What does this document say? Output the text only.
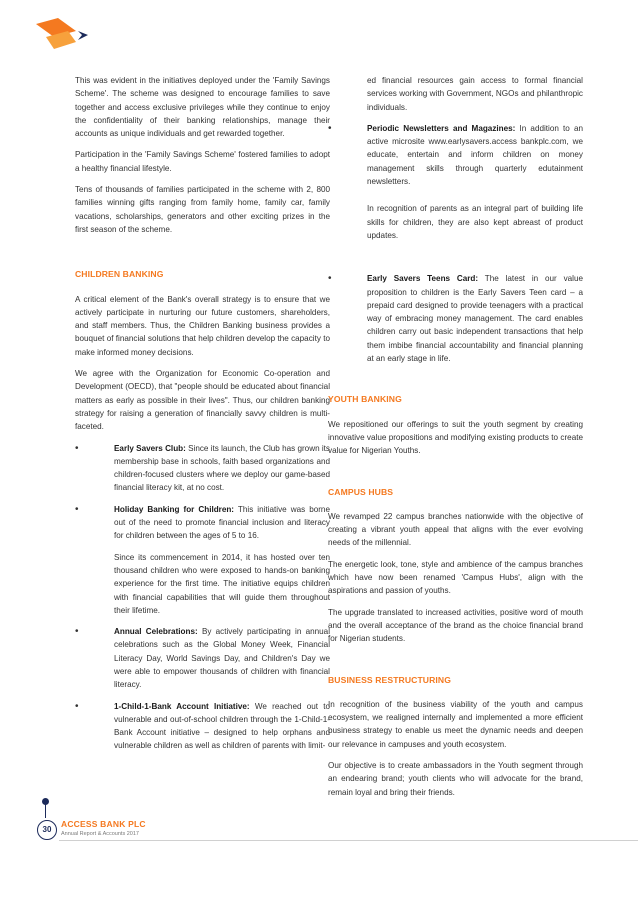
This was evident in the initiatives deployed under the 'Family Savings Scheme'. The scheme was designed to encourage families to save together and access exclusive privileges while they continue to enjoy the confidentiality of their banking relationships, manage their accounts as unique individuals and get rewarded together.

Participation in the 'Family Savings Scheme' fostered families to adopt a healthy financial lifestyle.

Tens of thousands of families participated in the scheme with 2, 800 families winning gifts ranging from family home, family car, family vacations, scholarships, generators and other exciting prizes in the first season of the scheme.

CHILDREN BANKING

A critical element of the Bank's overall strategy is to ensure that we actively participate in nurturing our future customers, shareholders, and staff members. Thus, the Children Banking business provides a bouquet of financial solutions that help children develop the capacity to make informed money decisions.

We agree with the Organization for Economic Co-operation and Development (OECD), that "people should be educated about financial matters as early as possible in their lives". Thus, our children banking strategy for raising a generation of financially savvy children is multi-faceted.

•	Early Savers Club: Since its launch, the Club has grown its membership base in schools, faith based organizations and children-focused clusters where we deploy our game-based financial literacy kit, at no cost.
•	Holiday Banking for Children: This initiative was borne out of the need to promote financial inclusion and literacy for children between the ages of 5 to 16.

Since its commencement in 2014, it has hosted over ten thousand children who were exposed to hands-on banking experience for the first time. The initiative equips children with financial capabilities that will guide them throughout their lifetime.

•	Annual Celebrations: By actively participating in annual celebrations such as the Global Money Week, Financial Literacy Day, World Savings Day, and Children's Day we were able to empower thousands of children with financial literacy.
•	1-Child-1-Bank Account Initiative: We reached out to vulnerable and out-of-school children through the 1-Child-1-Bank Account initiative – designed to help orphans and vulnerable children as well as children of parents with limit-

ed financial resources gain access to formal financial services working with Government, NGOs and philanthropic individuals.

•	Periodic Newsletters and Magazines: In addition to an active microsite www.earlysavers.access bankplc.com, we educate, entertain and inform children on money management skills through quarterly edutainment newsletters.

In recognition of parents as an integral part of building life skills for children, they are also kept abreast of product updates.

•	Early Savers Teens Card: The latest in our value proposition to children is the Early Savers Teen card – a prepaid card designed to provide teenagers with a practical way of embracing money management. The card enables children carry out basic independent transactions that help them imbibe financial accountability and financial planning at an early stage in life.
YOUTH BANKING

We repositioned our offerings to suit the youth segment by creating innovative value propositions and modifying existing products to create value for Nigerian Youths.

CAMPUS HUBS

We revamped 22 campus branches nationwide with the objective of creating a vibrant youth appeal that aligns with the ever evolving needs of the millennial.

The energetic look, tone, style and ambience of the campus branches which have now been renamed 'Campus Hubs', align with the aspirations and passion of youths.

The upgrade translated to increased activities, positive word of mouth and the overall acceptance of the brand as the choice financial brand for Nigerian students.

BUSINESS RESTRUCTURING

In recognition of the business viability of the youth and campus ecosystem, we realigned internally and implemented a more efficient business strategy to enable us meet the dynamic needs and deepen our relevance in campuses and youth ecosystem.

Our objective is to create ambassadors in the Youth segment through an endearing brand; youth clients who will advocate for the brand, remain loyal and bring their friends.

30
ACCESS BANK PLC
Annual Report & Accounts 2017
